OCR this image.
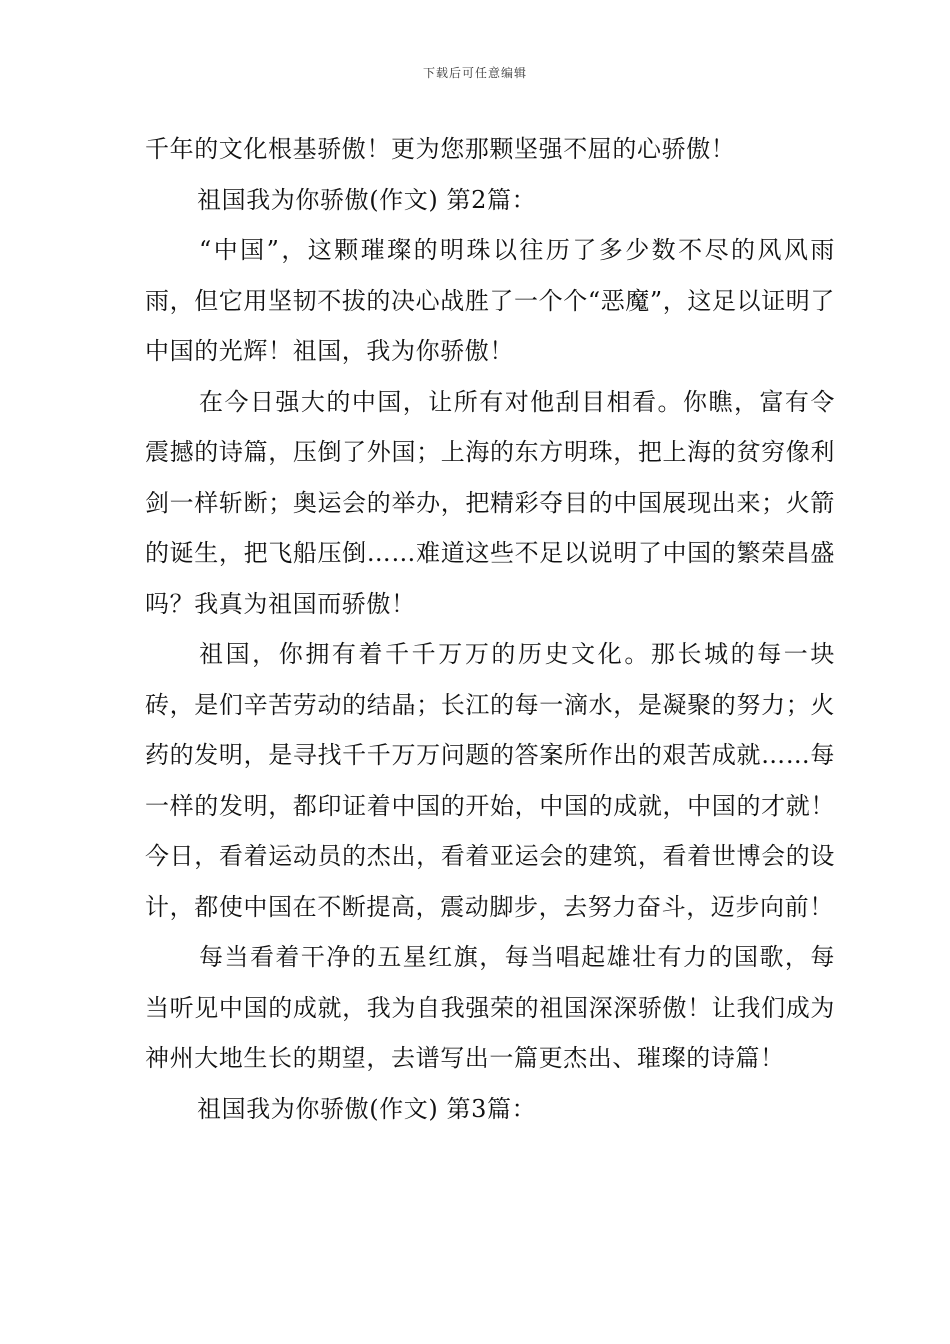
下载后可任意编辑

千年的文化根基骄傲！更为您那颗坚强不屈的心骄傲！

祖国我为你骄傲(作文) 第2篇：

“中国”，这颗璀璨的明珠以往历了多少数不尽的风风雨雨，但它用坚韧不拔的决心战胜了一个个“恶魔”，这足以证明了中国的光辉！祖国，我为你骄傲！

在今日强大的中国，让所有对他刮目相看。你瞧，富有令震撼的诗篇，压倒了外国；上海的东方明珠，把上海的贫穷像利剑一样斩断；奥运会的举办，把精彩夺目的中国展现出来；火箭的诞生，把飞船压倒……难道这些不足以说明了中国的繁荣昌盛吗？我真为祖国而骄傲！

祖国，你拥有着千千万万的历史文化。那长城的每一块砖，是们辛苦劳动的结晶；长江的每一滴水，是凝聚的努力；火药的发明，是寻找千千万万问题的答案所作出的艰苦成就……每一样的发明，都印证着中国的开始，中国的成就，中国的才就！今日，看着运动员的杰出，看着亚运会的建筑，看着世博会的设计，都使中国在不断提高，震动脚步，去努力奋斗，迈步向前！

每当看着干净的五星红旗，每当唱起雄壮有力的国歌，每当听见中国的成就，我为自我强荣的祖国深深骄傲！让我们成为神州大地生长的期望，去谱写出一篇更杰出、璀璨的诗篇！

祖国我为你骄傲(作文) 第3篇：
